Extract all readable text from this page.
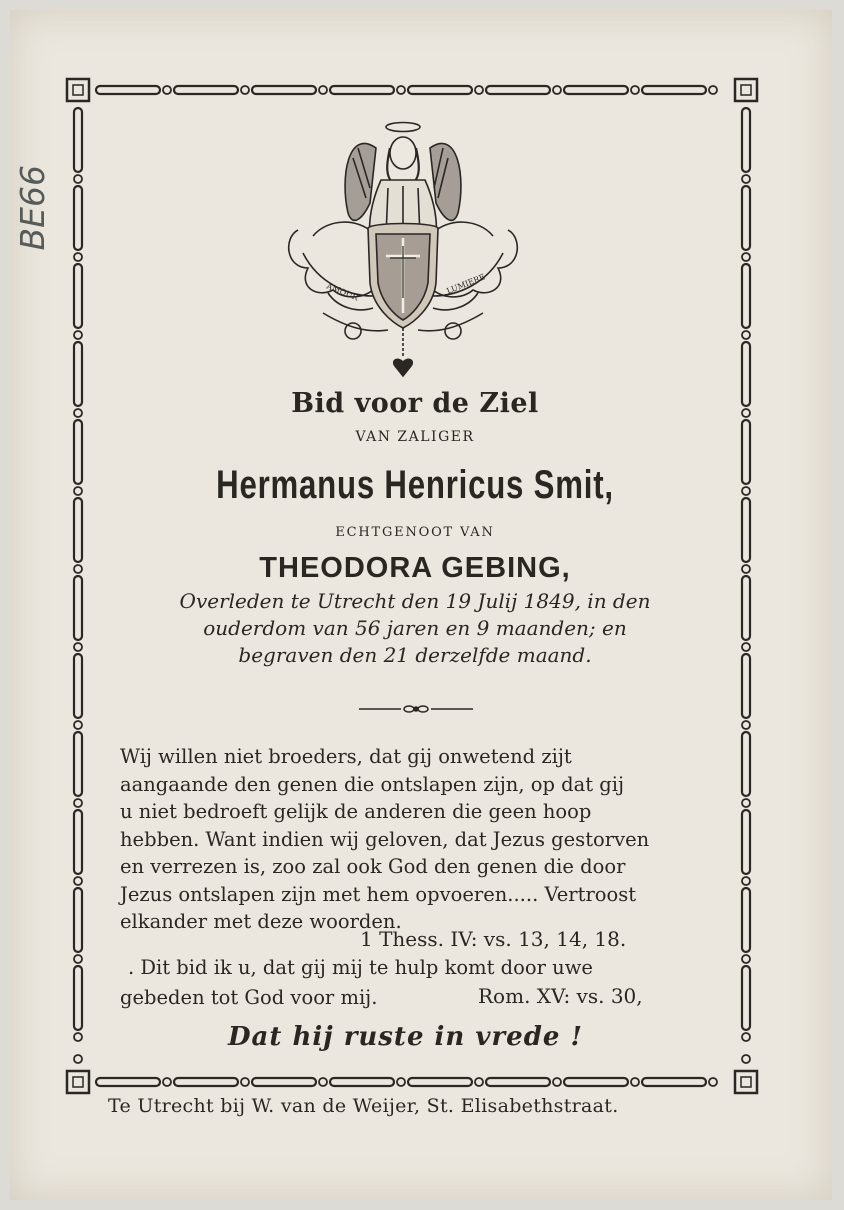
BE66
AMOUR	LUMIERE
Bid voor de Ziel
VAN ZALIGER
Hermanus Henricus Smit,
ECHTGENOOT VAN
THEODORA GEBING,
Overleden te Utrecht den 19 Julij 1849, in den
ouderdom van 56 jaren en 9 maanden; en
begraven den 21 derzelfde maand.
Wij willen niet broeders, dat gij onwetend zijt
aangaande den genen die ontslapen zijn, op dat gij
u niet bedroeft gelijk de anderen die geen hoop
hebben. Want indien wij geloven, dat Jezus gestorven
en verrezen is, zoo zal ook God den genen die door
Jezus ontslapen zijn met hem opvoeren..... Vertroost
elkander met deze woorden.
1 Thess. IV: vs. 13, 14, 18.
. Dit bid ik u, dat gij mij te hulp komt door uwe
gebeden tot God voor mij.	Rom. XV: vs. 30,
Dat hij ruste in vrede !
Te Utrecht bij W. van de Weijer, St. Elisabethstraat.
